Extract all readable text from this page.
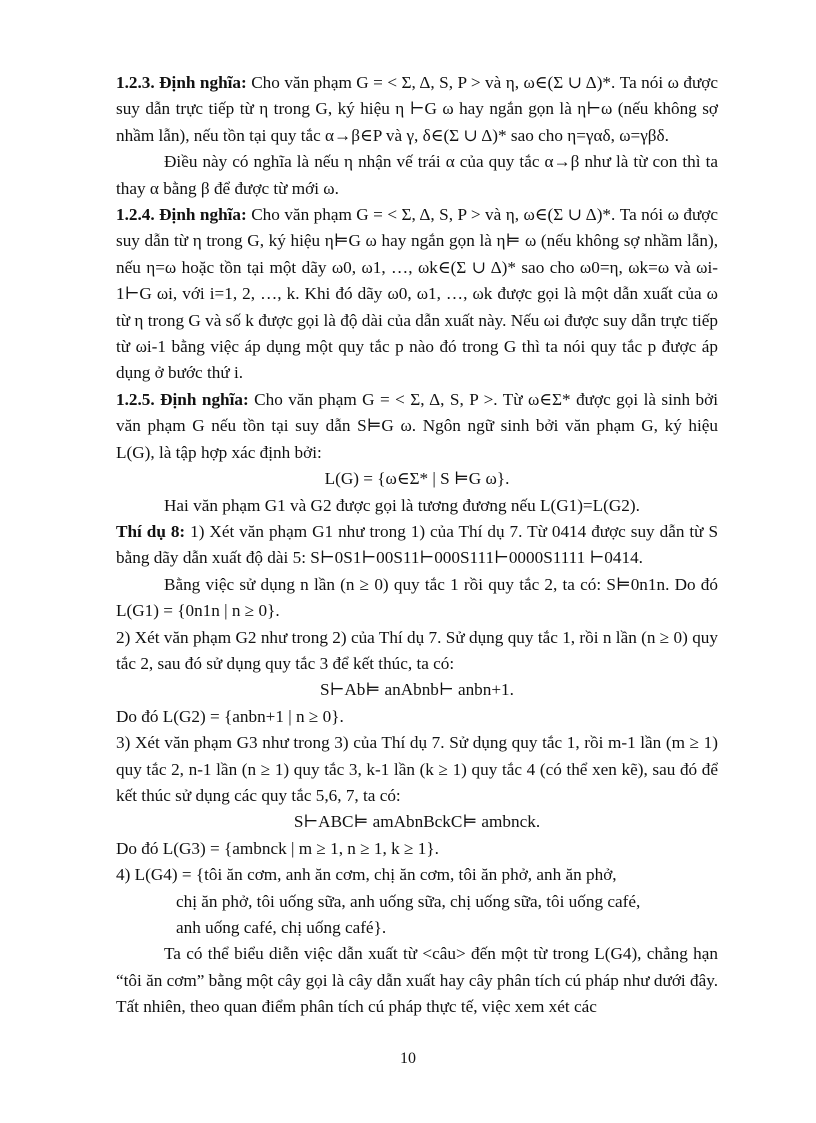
1.2.3. Định nghĩa: Cho văn phạm G = < Σ, Δ, S, P > và η, ω∈(Σ ∪ Δ)*. Ta nói ω được suy dẫn trực tiếp từ η trong G, ký hiệu η ⊢G ω hay ngắn gọn là η⊢ω (nếu không sợ nhầm lẫn), nếu tồn tại quy tắc α→β∈P và γ, δ∈(Σ ∪ Δ)* sao cho η=γαδ, ω=γβδ.

Điều này có nghĩa là nếu η nhận vế trái α của quy tắc α→β như là từ con thì ta thay α bằng β để được từ mới ω.

1.2.4. Định nghĩa: Cho văn phạm G = < Σ, Δ, S, P > và η, ω∈(Σ ∪ Δ)*. Ta nói ω được suy dẫn từ η trong G, ký hiệu η⊨G ω hay ngắn gọn là η⊨ ω (nếu không sợ nhầm lẫn), nếu η=ω hoặc tồn tại một dãy ω0, ω1, …, ωk∈(Σ ∪ Δ)* sao cho ω0=η, ωk=ω và ωi-1⊢G ωi, với i=1, 2, …, k. Khi đó dãy ω0, ω1, …, ωk được gọi là một dẫn xuất của ω từ η trong G và số k được gọi là độ dài của dẫn xuất này. Nếu ωi được suy dẫn trực tiếp từ ωi-1 bằng việc áp dụng một quy tắc p nào đó trong G thì ta nói quy tắc p được áp dụng ở bước thứ i.

1.2.5. Định nghĩa: Cho văn phạm G = < Σ, Δ, S, P >. Từ ω∈Σ* được gọi là sinh bởi văn phạm G nếu tồn tại suy dẫn S⊨G ω. Ngôn ngữ sinh bởi văn phạm G, ký hiệu L(G), là tập hợp xác định bởi:

L(G) = {ω∈Σ* | S ⊨G ω}.

Hai văn phạm G1 và G2 được gọi là tương đương nếu L(G1)=L(G2).

Thí dụ 8: 1) Xét văn phạm G1 như trong 1) của Thí dụ 7. Từ 0414 được suy dẫn từ S bằng dãy dẫn xuất độ dài 5: S⊢0S1⊢00S11⊢000S111⊢0000S1111 ⊢0414.

Bằng việc sử dụng n lần (n ≥ 0) quy tắc 1 rồi quy tắc 2, ta có: S⊨0n1n. Do đó L(G1) = {0n1n | n ≥ 0}.

2) Xét văn phạm G2 như trong 2) của Thí dụ 7. Sử dụng quy tắc 1, rồi n lần (n ≥ 0) quy tắc 2, sau đó sử dụng quy tắc 3 để kết thúc, ta có:

S⊢Ab⊨ anAbnb⊢ anbn+1.

Do đó L(G2) = {anbn+1 | n ≥ 0}.

3) Xét văn phạm G3 như trong 3) của Thí dụ 7. Sử dụng quy tắc 1, rồi m-1 lần (m ≥ 1) quy tắc 2, n-1 lần (n ≥ 1) quy tắc 3, k-1 lần (k ≥ 1) quy tắc 4 (có thể xen kẽ), sau đó để kết thúc sử dụng các quy tắc 5,6, 7, ta có:

S⊢ABC⊨ amAbnBckC⊨ ambnck.

Do đó L(G3) = {ambnck | m ≥ 1, n ≥ 1, k ≥ 1}.

4) L(G4) = {tôi ăn cơm, anh ăn cơm, chị ăn cơm, tôi ăn phở, anh ăn phở,

chị ăn phở, tôi uống sữa, anh uống sữa, chị uống sữa, tôi uống café,

anh uống café, chị uống café}.

Ta có thể biểu diễn việc dẫn xuất từ <câu> đến một từ trong L(G4), chẳng hạn “tôi ăn cơm” bằng một cây gọi là cây dẫn xuất hay cây phân tích cú pháp như dưới đây. Tất nhiên, theo quan điểm phân tích cú pháp thực tế, việc xem xét các

10
